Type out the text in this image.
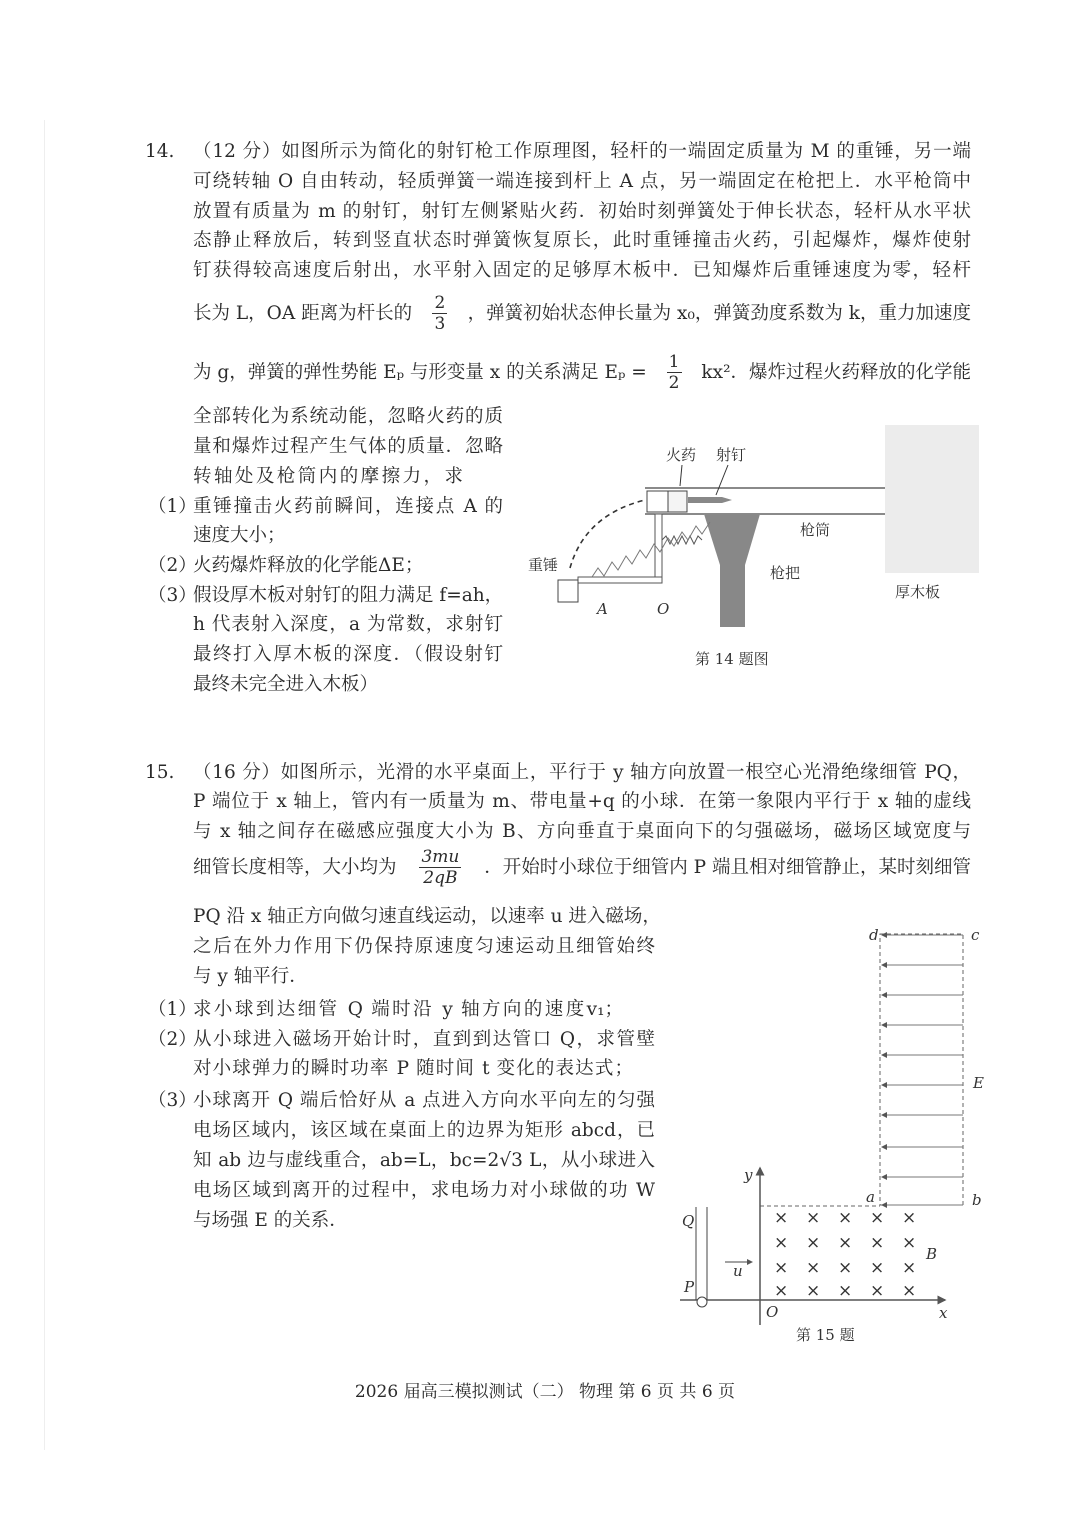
14. （12 分）如图所示为简化的射钉枪工作原理图，轻杆的一端固定质量为 M 的重锤，另一端
可绕转轴 O 自由转动，轻质弹簧一端连接到杆上 A 点，另一端固定在枪把上．水平枪筒中
放置有质量为 m 的射钉，射钉左侧紧贴火药．初始时刻弹簧处于伸长状态，轻杆从水平状
态静止释放后，转到竖直状态时弹簧恢复原长，此时重锤撞击火药，引起爆炸，爆炸使射
钉获得较高速度后射出，水平射入固定的足够厚木板中．已知爆炸后重锤速度为零，轻杆
长为 L，OA 距离为杆长的 $\frac{2}{3}$ ，弹簧初始状态伸长量为 x₀，弹簧劲度系数为 k，重力加速度
为 g，弹簧的弹性势能 Eₚ 与形变量 x 的关系满足 $E_p = \frac{1}{2} kx^2$．爆炸过程火药释放的化学能
全部转化为系统动能，忽略火药的质
量和爆炸过程产生气体的质量．忽略
转轴处及枪筒内的摩擦力，求
（1）
重锤撞击火药前瞬间，连接点 A 的
速度大小；
（2）
火药爆炸释放的化学能ΔE；
（3）
假设厚木板对射钉的阻力满足 f=ah，
h 代表射入深度，a 为常数，求射钉
最终打入厚木板的深度．（假设射钉
最终未完全进入木板）
火药 射钉
枪筒
枪把
重锤
厚木板
A	O
第 14 题图
15. （16 分）如图所示，光滑的水平桌面上，平行于 y 轴方向放置一根空心光滑绝缘细管 PQ，
P 端位于 x 轴上，管内有一质量为 m、带电量+q 的小球．在第一象限内平行于 x 轴的虚线
与 x 轴之间存在磁感应强度大小为 B、方向垂直于桌面向下的匀强磁场，磁场区域宽度与
细管长度相等，大小均为 $\frac{3mu}{2qB}$ ．开始时小球位于细管内 P 端且相对细管静止，某时刻细管
PQ 沿 x 轴正方向做匀速直线运动，以速率 u 进入磁场，
之后在外力作用下仍保持原速度匀速运动且细管始终
与 y 轴平行．
（1）
求小球到达细管 Q 端时沿 y 轴方向的速度v₁；
（2）
从小球进入磁场开始计时，直到到达管口 Q，求管壁
对小球弹力的瞬时功率 P 随时间 t 变化的表达式；
（3）
小球离开 Q 端后恰好从 a 点进入方向水平向左的匀强
电场区域内，该区域在桌面上的边界为矩形 abcd，已
知 ab 边与虚线重合，ab=L，bc=2√3 L，从小球进入
电场区域到离开的过程中，求电场力对小球做的功 W
与场强 E 的关系．	× × × × ×
× × × × ×
× × × × ×
× × × × ×
d	c
E
a	b
B
y
x
O
Q
P
u
第 15 题
2026 届高三模拟测试（二） 物理 第 6 页 共 6 页
